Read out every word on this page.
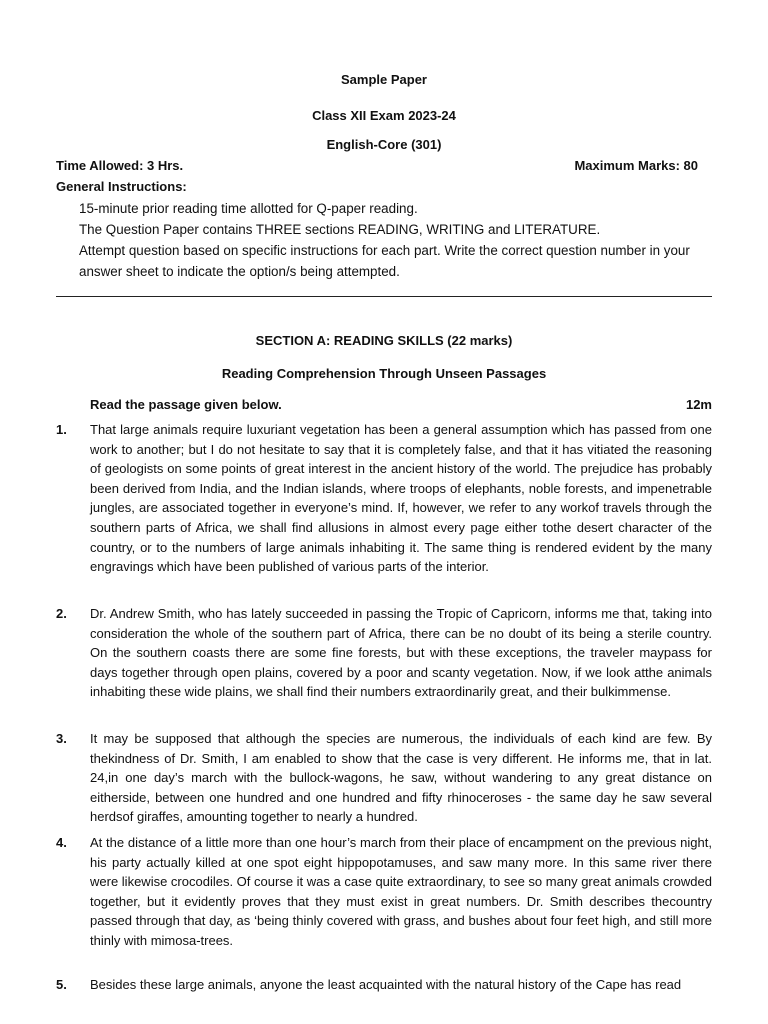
Sample Paper
Class XII Exam 2023-24
English-Core (301)
Time Allowed: 3 Hrs.	Maximum Marks: 80
General Instructions:
15-minute prior reading time allotted for Q-paper reading.
The Question Paper contains THREE sections READING, WRITING and LITERATURE.
Attempt question based on specific instructions for each part. Write the correct question number in your
answer sheet to indicate the option/s being attempted.
SECTION A: READING SKILLS (22 marks)
Reading Comprehension Through Unseen Passages
Read the passage given below.	12m
1. That large animals require luxuriant vegetation has been a general assumption which has passed from one work to another; but I do not hesitate to say that it is completely false, and that it has vitiated the reasoning of geologists on some points of great interest in the ancient history of the world. The prejudice has probably been derived from India, and the Indian islands, where troops of elephants, noble forests, and impenetrable jungles, are associated together in everyone’s mind. If, however, we refer to any workof travels through the southern parts of Africa, we shall find allusions in almost every page either tothe desert character of the country, or to the numbers of large animals inhabiting it. The same thing is rendered evident by the many engravings which have been published of various parts of the interior.
2. Dr. Andrew Smith, who has lately succeeded in passing the Tropic of Capricorn, informs me that, taking into consideration the whole of the southern part of Africa, there can be no doubt of its being a sterile country. On the southern coasts there are some fine forests, but with these exceptions, the traveler maypass for days together through open plains, covered by a poor and scanty vegetation. Now, if we look atthe animals inhabiting these wide plains, we shall find their numbers extraordinarily great, and their bulkimmense.
3. It may be supposed that although the species are numerous, the individuals of each kind are few. By thekindness of Dr. Smith, I am enabled to show that the case is very different. He informs me, that in lat. 24,in one day’s march with the bullock-wagons, he saw, without wandering to any great distance on eitherside, between one hundred and one hundred and fifty rhinoceroses - the same day he saw several herdsof giraffes, amounting together to nearly a hundred.
4. At the distance of a little more than one hour’s march from their place of encampment on the previous night, his party actually killed at one spot eight hippopotamuses, and saw many more. In this same river there were likewise crocodiles. Of course it was a case quite extraordinary, to see so many great animals crowded together, but it evidently proves that they must exist in great numbers. Dr. Smith describes thecountry passed through that day, as ‘being thinly covered with grass, and bushes about four feet high, and still more thinly with mimosa-trees.
5. Besides these large animals, anyone the least acquainted with the natural history of the Cape has read
